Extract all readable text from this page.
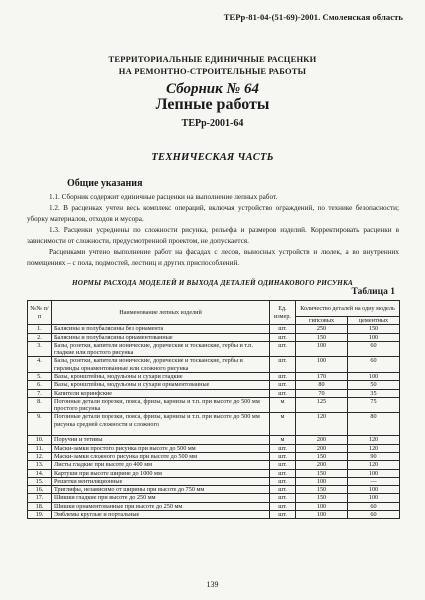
ТЕРр-81-04-(51-69)-2001. Смоленская область
ТЕРРИТОРИАЛЬНЫЕ ЕДИНИЧНЫЕ РАСЦЕНКИ
НА РЕМОНТНО-СТРОИТЕЛЬНЫЕ РАБОТЫ
Сборник № 64
Лепные работы
ТЕРр-2001-64
ТЕХНИЧЕСКАЯ ЧАСТЬ
Общие указания
1.1. Сборник содержит единичные расценки на выполнение лепных работ.
1.2. В расценках учтен весь комплекс операций, включая устройство ограждений, по технике безопасности; уборку материалов, отходов и мусора.
1.3. Расценки усреднены по сложности рисунка, рельефа и размеров изделий. Корректировать расценки в зависимости от сложности, предусмотренной проектом, не допускается.
Расценками учтено выполнение работ на фасадах с лесов, выносных устройств и люлек, а во внутренних помещениях – с пола, подмостей, лестниц и других приспособлений.
НОРМЫ РАСХОДА МОДЕЛЕЙ И ВЫХОДА ДЕТАЛЕЙ ОДИНАКОВОГО РИСУНКА
Таблица 1
№№ п/п	Наименование лепных изделий	Ед. измер.	Количество деталей на одну модель	
			гипсовых	цементных
1.	Балясины и полубалясины без орнамента	шт.	250	150
2.	Балясины и полубалясины орнаментованные	шт.	150	100
3.	Базы, розетки, капители ионические, дорические и тосканские, гербы и т.п. гладкие или простого рисунка	шт.	100	60
4.	Базы, розетки, капители ионические, дорические и тосканские, гербы и гирлянды орнаментованные или сложного рисунка	шт.	100	60
5.	Вазы, кронштейны, модульоны и сухари гладкие	шт.	170	100
6.	Вазы, кронштейны, модульоны и сухари орнаментованные	шт.	80	50
7.	Капители коринфские	шт.	70	35
8.	Погонные детали порезки, пояса, фризы, карнизы и т.п. при высоте до 500 мм простого рисунка	м	125	75
9.	Погонные детали порезки, пояса, фризы, карнизы и т.п. при высоте до 500 мм рисунка средней сложности и сложного	м	120	80
10.	Поручни и тетивы	м	200	120
11.	Маски-замки простого рисунка при высоте до 500 мм	шт.	200	120
12.	Маски-замки сложного рисунка при высоте до 500 мм	шт.	150	90
13.	Листы гладкие при высоте до 400 мм	шт.	200	120
14.	Картуши при высоте ширине до 1000 мм	шт.	150	100
15.	Решетки вентиляционные	шт.	100	—
16.	Триглифы, независимо от ширины при высоте до 750 мм	шт.	150	100
17.	Шишки гладкие при высоте до 250 мм	шт.	150	100
18.	Шишки орнаментованные при высоте до 250 мм	шт.	100	60
19.	Эмблемы круглые и портальные	шт.	100	60
139
